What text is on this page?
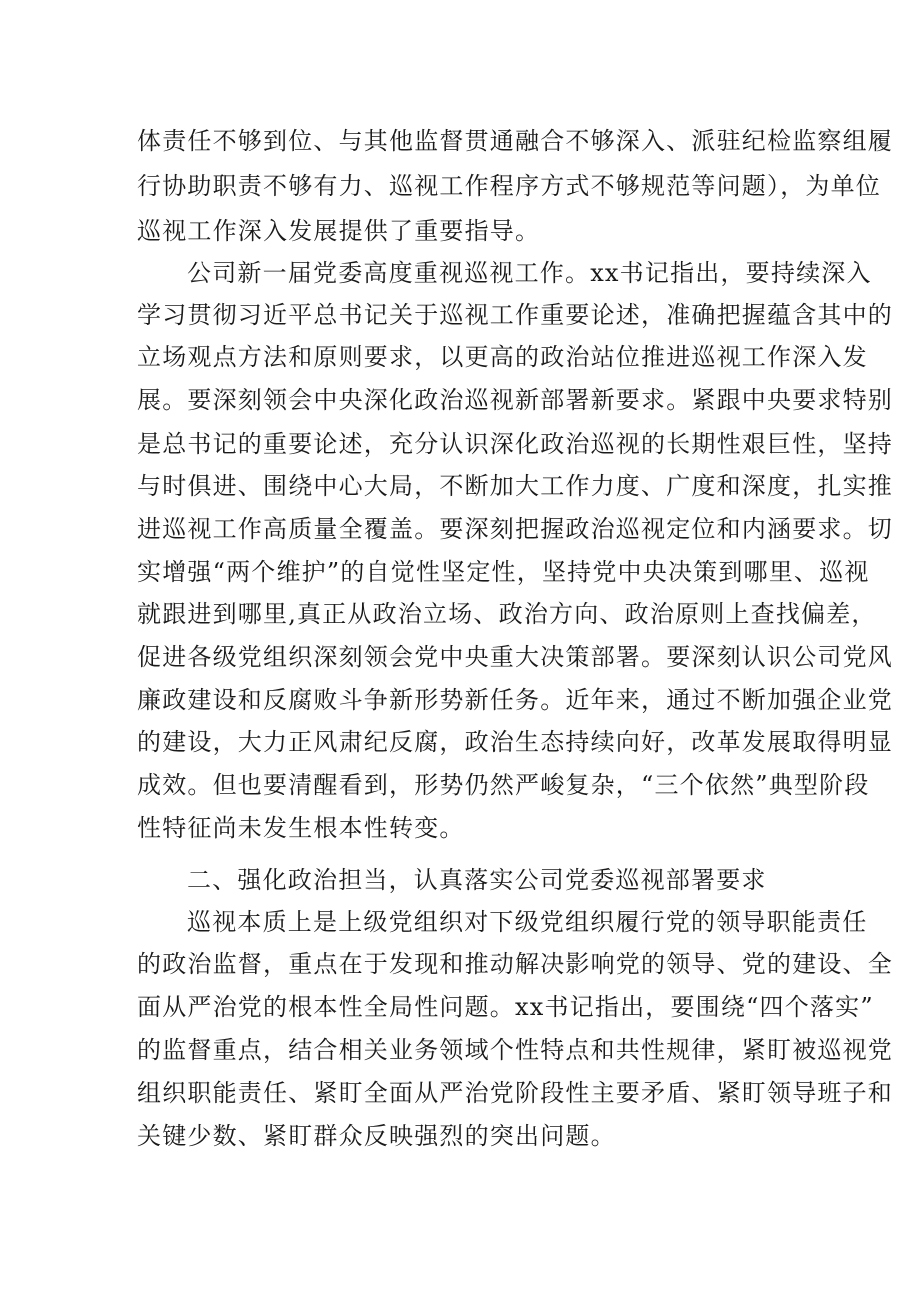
体责任不够到位、与其他监督贯通融合不够深入、派驻纪检监察组履
行协助职责不够有力、巡视工作程序方式不够规范等问题），为单位
巡视工作深入发展提供了重要指导。
公司新一届党委高度重视巡视工作。xx书记指出，要持续深入
学习贯彻习近平总书记关于巡视工作重要论述，准确把握蕴含其中的
立场观点方法和原则要求，以更高的政治站位推进巡视工作深入发
展。要深刻领会中央深化政治巡视新部署新要求。紧跟中央要求特别
是总书记的重要论述，充分认识深化政治巡视的长期性艰巨性，坚持
与时俱进、围绕中心大局，不断加大工作力度、广度和深度，扎实推
进巡视工作高质量全覆盖。要深刻把握政治巡视定位和内涵要求。切
实增强“两个维护”的自觉性坚定性，坚持党中央决策到哪里、巡视
就跟进到哪里,真正从政治立场、政治方向、政治原则上查找偏差，
促进各级党组织深刻领会党中央重大决策部署。要深刻认识公司党风
廉政建设和反腐败斗争新形势新任务。近年来，通过不断加强企业党
的建设，大力正风肃纪反腐，政治生态持续向好，改革发展取得明显
成效。但也要清醒看到，形势仍然严峻复杂，“三个依然”典型阶段
性特征尚未发生根本性转变。
二、强化政治担当，认真落实公司党委巡视部署要求
巡视本质上是上级党组织对下级党组织履行党的领导职能责任
的政治监督，重点在于发现和推动解决影响党的领导、党的建设、全
面从严治党的根本性全局性问题。xx书记指出，要围绕“四个落实”
的监督重点，结合相关业务领域个性特点和共性规律，紧盯被巡视党
组织职能责任、紧盯全面从严治党阶段性主要矛盾、紧盯领导班子和
关键少数、紧盯群众反映强烈的突出问题。
